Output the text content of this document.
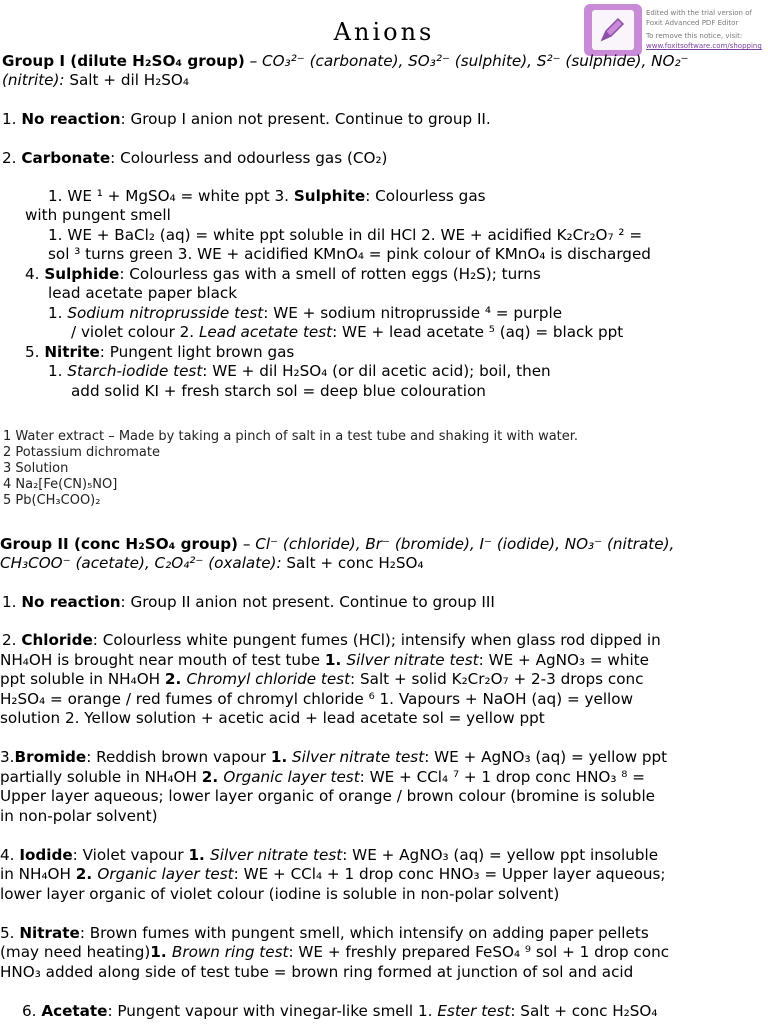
Anions
Edited with the trial version of
Foxit Advanced PDF Editor
To remove this notice, visit:
www.foxitsoftware.com/shopping
Group I (dilute H₂SO₄ group) – CO₃²⁻ (carbonate), SO₃²⁻ (sulphite), S²⁻ (sulphide), NO₂⁻
(nitrite): Salt + dil H₂SO₄
1. No reaction: Group I anion not present. Continue to group II.
2. Carbonate: Colourless and odourless gas (CO₂)
1. WE ¹ + MgSO₄ = white ppt 3. Sulphite: Colourless gas
with pungent smell
1. WE + BaCl₂ (aq) = white ppt soluble in dil HCl 2. WE + acidified K₂Cr₂O₇ ² =
sol ³ turns green 3. WE + acidified KMnO₄ = pink colour of KMnO₄ is discharged
4. Sulphide: Colourless gas with a smell of rotten eggs (H₂S); turns
lead acetate paper black
1. Sodium nitroprusside test: WE + sodium nitroprusside ⁴ = purple
/ violet colour 2. Lead acetate test: WE + lead acetate ⁵ (aq) = black ppt
5. Nitrite: Pungent light brown gas
1. Starch-iodide test: WE + dil H₂SO₄ (or dil acetic acid); boil, then
add solid KI + fresh starch sol = deep blue colouration
1 Water extract – Made by taking a pinch of salt in a test tube and shaking it with water.
2 Potassium dichromate
3 Solution
4 Na₂[Fe(CN)₅NO]
5 Pb(CH₃COO)₂
Group II (conc H₂SO₄ group) – Cl⁻ (chloride), Br⁻ (bromide), I⁻ (iodide), NO₃⁻ (nitrate),
CH₃COO⁻ (acetate), C₂O₄²⁻ (oxalate): Salt + conc H₂SO₄
1. No reaction: Group II anion not present. Continue to group III
2. Chloride: Colourless white pungent fumes (HCl); intensify when glass rod dipped in
NH₄OH is brought near mouth of test tube 1. Silver nitrate test: WE + AgNO₃ = white
ppt soluble in NH₄OH 2. Chromyl chloride test: Salt + solid K₂Cr₂O₇ + 2-3 drops conc
H₂SO₄ = orange / red fumes of chromyl chloride ⁶ 1. Vapours + NaOH (aq) = yellow
solution 2. Yellow solution + acetic acid + lead acetate sol = yellow ppt
3.Bromide: Reddish brown vapour 1. Silver nitrate test: WE + AgNO₃ (aq) = yellow ppt
partially soluble in NH₄OH 2. Organic layer test: WE + CCl₄ ⁷ + 1 drop conc HNO₃ ⁸ =
Upper layer aqueous; lower layer organic of orange / brown colour (bromine is soluble
in non-polar solvent)
4. Iodide: Violet vapour 1. Silver nitrate test: WE + AgNO₃ (aq) = yellow ppt insoluble
in NH₄OH 2. Organic layer test: WE + CCl₄ + 1 drop conc HNO₃ = Upper layer aqueous;
lower layer organic of violet colour (iodine is soluble in non-polar solvent)
5. Nitrate: Brown fumes with pungent smell, which intensify on adding paper pellets
(may need heating)1. Brown ring test: WE + freshly prepared FeSO₄ ⁹ sol + 1 drop conc
HNO₃ added along side of test tube = brown ring formed at junction of sol and acid
6. Acetate: Pungent vapour with vinegar-like smell 1. Ester test: Salt + conc H₂SO₄
